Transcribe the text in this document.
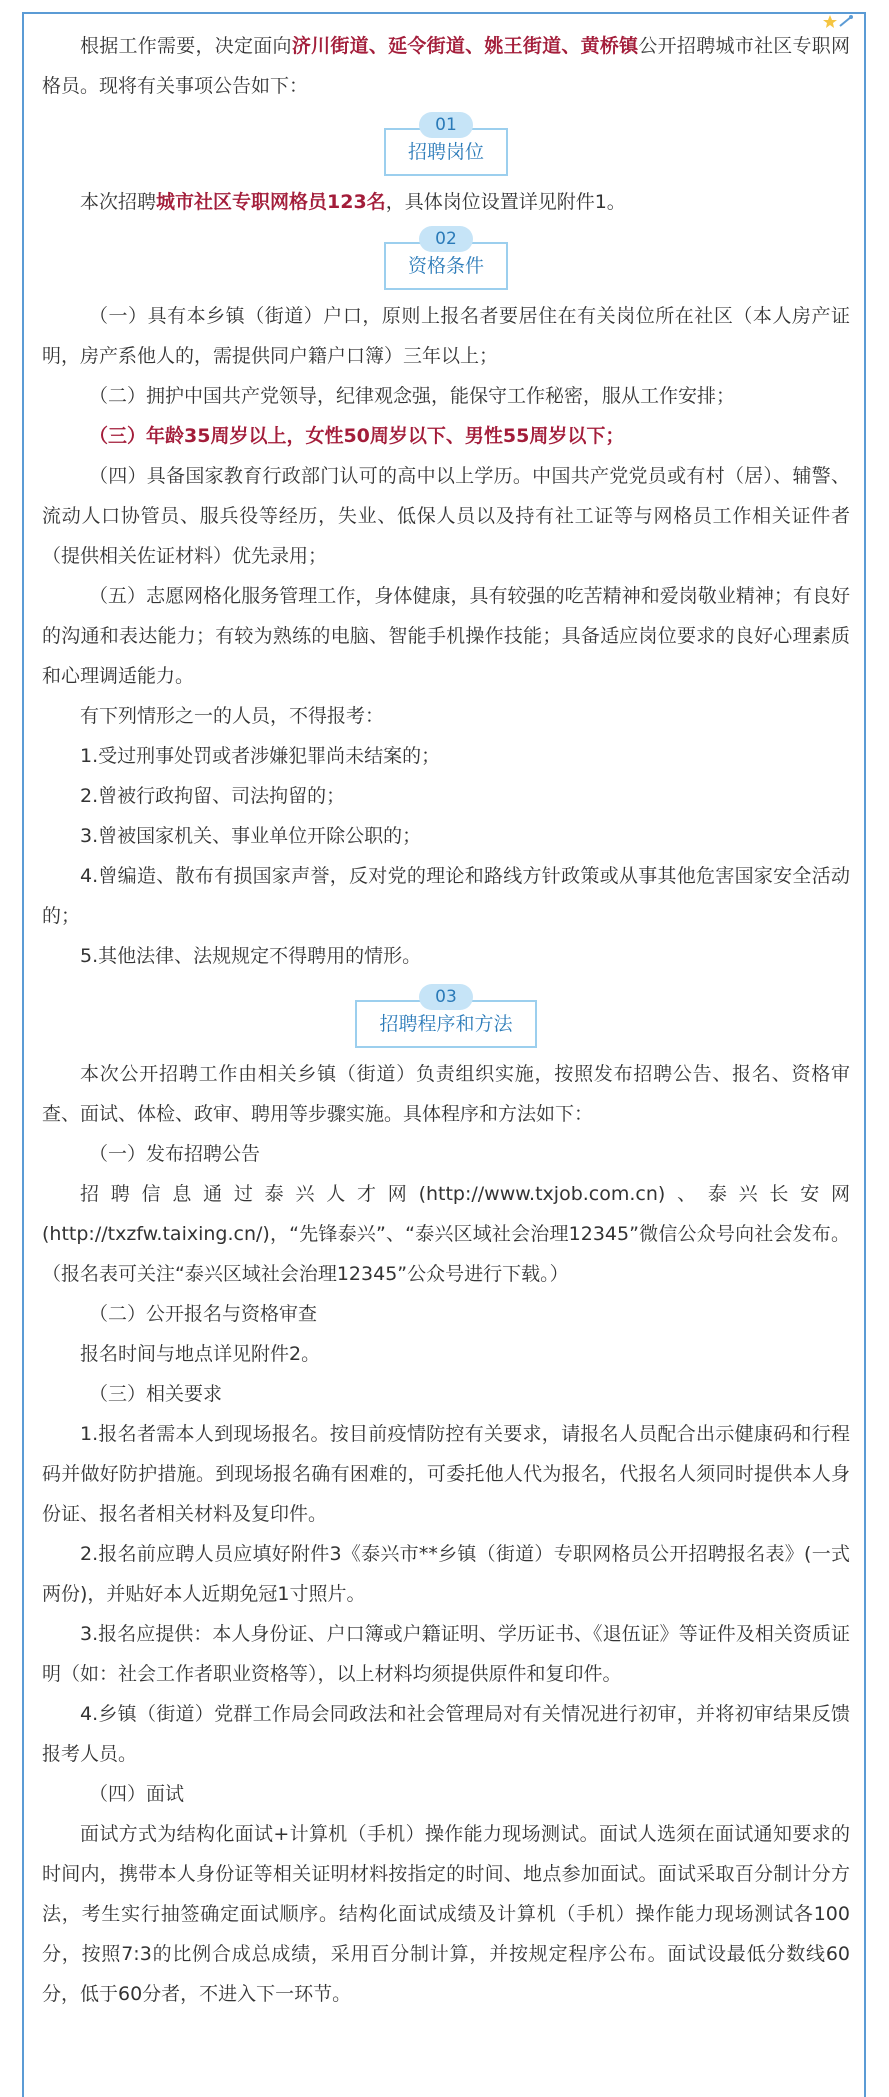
根据工作需要，决定面向济川街道、延令街道、姚王街道、黄桥镇公开招聘城市社区专职网格员。现将有关事项公告如下：

01
招聘岗位

本次招聘城市社区专职网格员123名，具体岗位设置详见附件1。

02
资格条件

（一）具有本乡镇（街道）户口，原则上报名者要居住在有关岗位所在社区（本人房产证明，房产系他人的，需提供同户籍户口簿）三年以上；

（二）拥护中国共产党领导，纪律观念强，能保守工作秘密，服从工作安排；

（三）年龄35周岁以上，女性50周岁以下、男性55周岁以下；

（四）具备国家教育行政部门认可的高中以上学历。中国共产党党员或有村（居）、辅警、流动人口协管员、服兵役等经历，失业、低保人员以及持有社工证等与网格员工作相关证件者（提供相关佐证材料）优先录用；

（五）志愿网格化服务管理工作，身体健康，具有较强的吃苦精神和爱岗敬业精神；有良好的沟通和表达能力；有较为熟练的电脑、智能手机操作技能；具备适应岗位要求的良好心理素质和心理调适能力。

有下列情形之一的人员，不得报考：

1.受过刑事处罚或者涉嫌犯罪尚未结案的；

2.曾被行政拘留、司法拘留的；

3.曾被国家机关、事业单位开除公职的；

4.曾编造、散布有损国家声誉，反对党的理论和路线方针政策或从事其他危害国家安全活动的；

5.其他法律、法规规定不得聘用的情形。

03
招聘程序和方法

本次公开招聘工作由相关乡镇（街道）负责组织实施，按照发布招聘公告、报名、资格审查、面试、体检、政审、聘用等步骤实施。具体程序和方法如下：

（一）发布招聘公告

招聘信息通过泰兴人才网(http://www.txjob.com.cn)、泰兴长安网(http://txzfw.taixing.cn/)，“先锋泰兴”、“泰兴区域社会治理12345”微信公众号向社会发布。（报名表可关注“泰兴区域社会治理12345”公众号进行下载。）

（二）公开报名与资格审查

报名时间与地点详见附件2。

（三）相关要求

1.报名者需本人到现场报名。按目前疫情防控有关要求，请报名人员配合出示健康码和行程码并做好防护措施。到现场报名确有困难的，可委托他人代为报名，代报名人须同时提供本人身份证、报名者相关材料及复印件。

2.报名前应聘人员应填好附件3《泰兴市**乡镇（街道）专职网格员公开招聘报名表》(一式两份)，并贴好本人近期免冠1寸照片。

3.报名应提供：本人身份证、户口簿或户籍证明、学历证书、《退伍证》等证件及相关资质证明（如：社会工作者职业资格等），以上材料均须提供原件和复印件。

4.乡镇（街道）党群工作局会同政法和社会管理局对有关情况进行初审，并将初审结果反馈报考人员。

（四）面试

面试方式为结构化面试+计算机（手机）操作能力现场测试。面试人选须在面试通知要求的时间内，携带本人身份证等相关证明材料按指定的时间、地点参加面试。面试采取百分制计分方法，考生实行抽签确定面试顺序。结构化面试成绩及计算机（手机）操作能力现场测试各100分，按照7:3的比例合成总成绩，采用百分制计算，并按规定程序公布。面试设最低分数线60分，低于60分者，不进入下一环节。
